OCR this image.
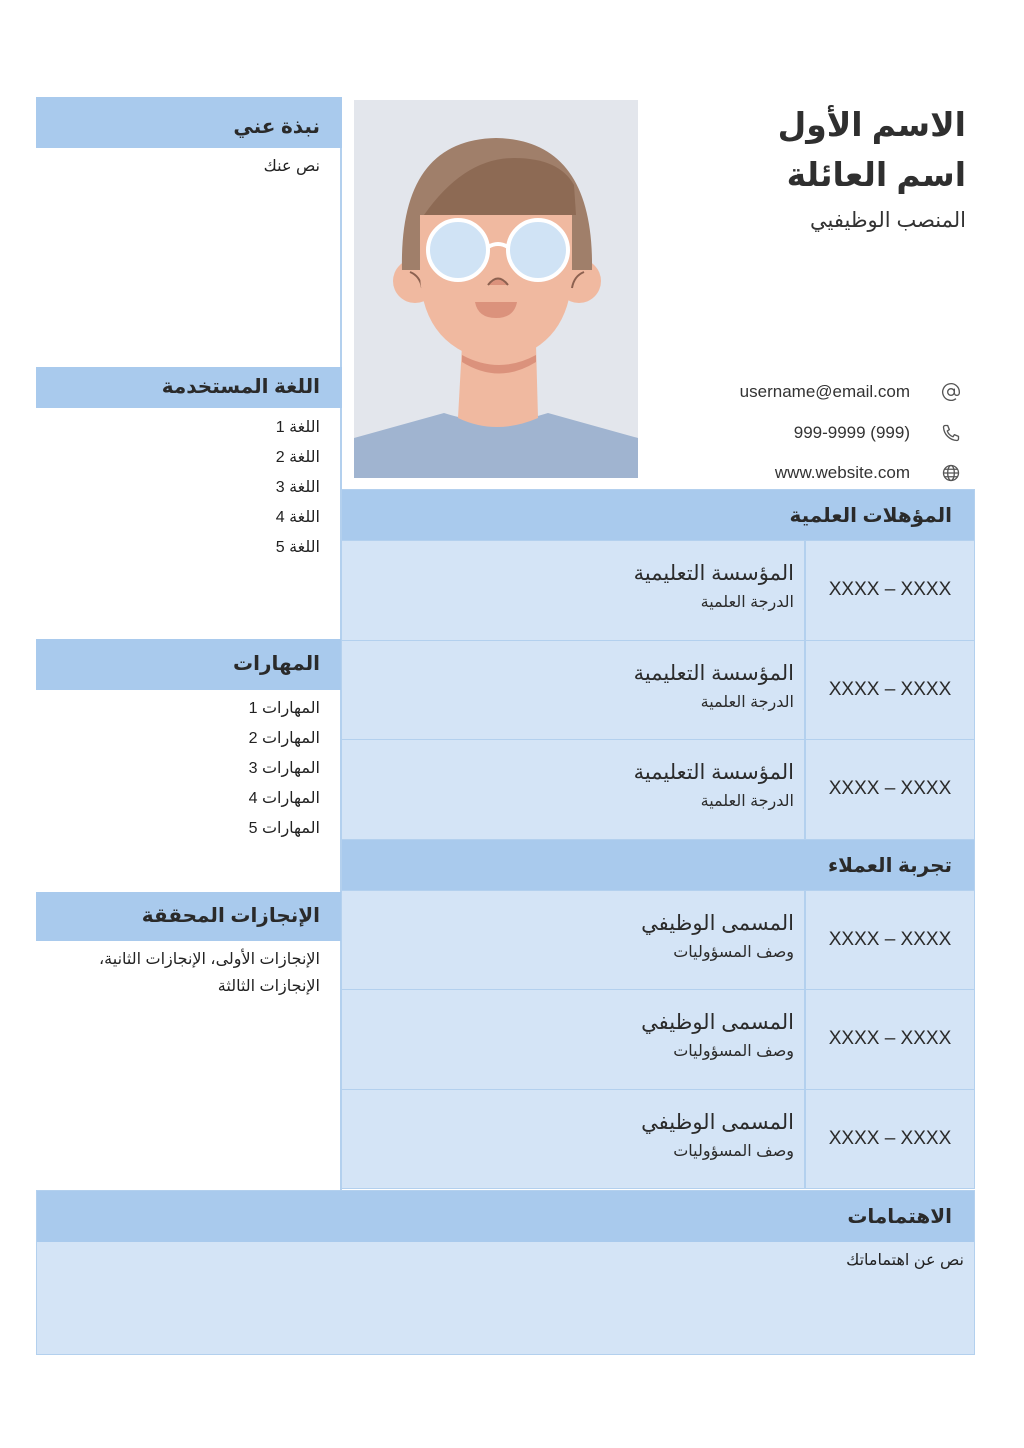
الاسم الأول
اسم العائلة
المنصب الوظيفيي
username@email.com
999-9999 (999)
www.website.com
نبذة عني
نص عنك
اللغة المستخدمة
اللغة 1
اللغة 2
اللغة 3
اللغة 4
اللغة 5
المهارات
المهارات 1
المهارات 2
المهارات 3
المهارات 4
المهارات 5
الإنجازات المحققة
الإنجازات الأولى، الإنجازات الثانية، الإنجازات الثالثة
المؤهلات العلمية
XXXX – XXXX
المؤسسة التعليمية
الدرجة العلمية
XXXX – XXXX
المؤسسة التعليمية
الدرجة العلمية
XXXX – XXXX
المؤسسة التعليمية
الدرجة العلمية
تجربة العملاء
XXXX – XXXX
المسمى الوظيفي
وصف المسؤوليات
XXXX – XXXX
المسمى الوظيفي
وصف المسؤوليات
XXXX – XXXX
المسمى الوظيفي
وصف المسؤوليات
الاهتمامات
نص عن اهتماماتك
